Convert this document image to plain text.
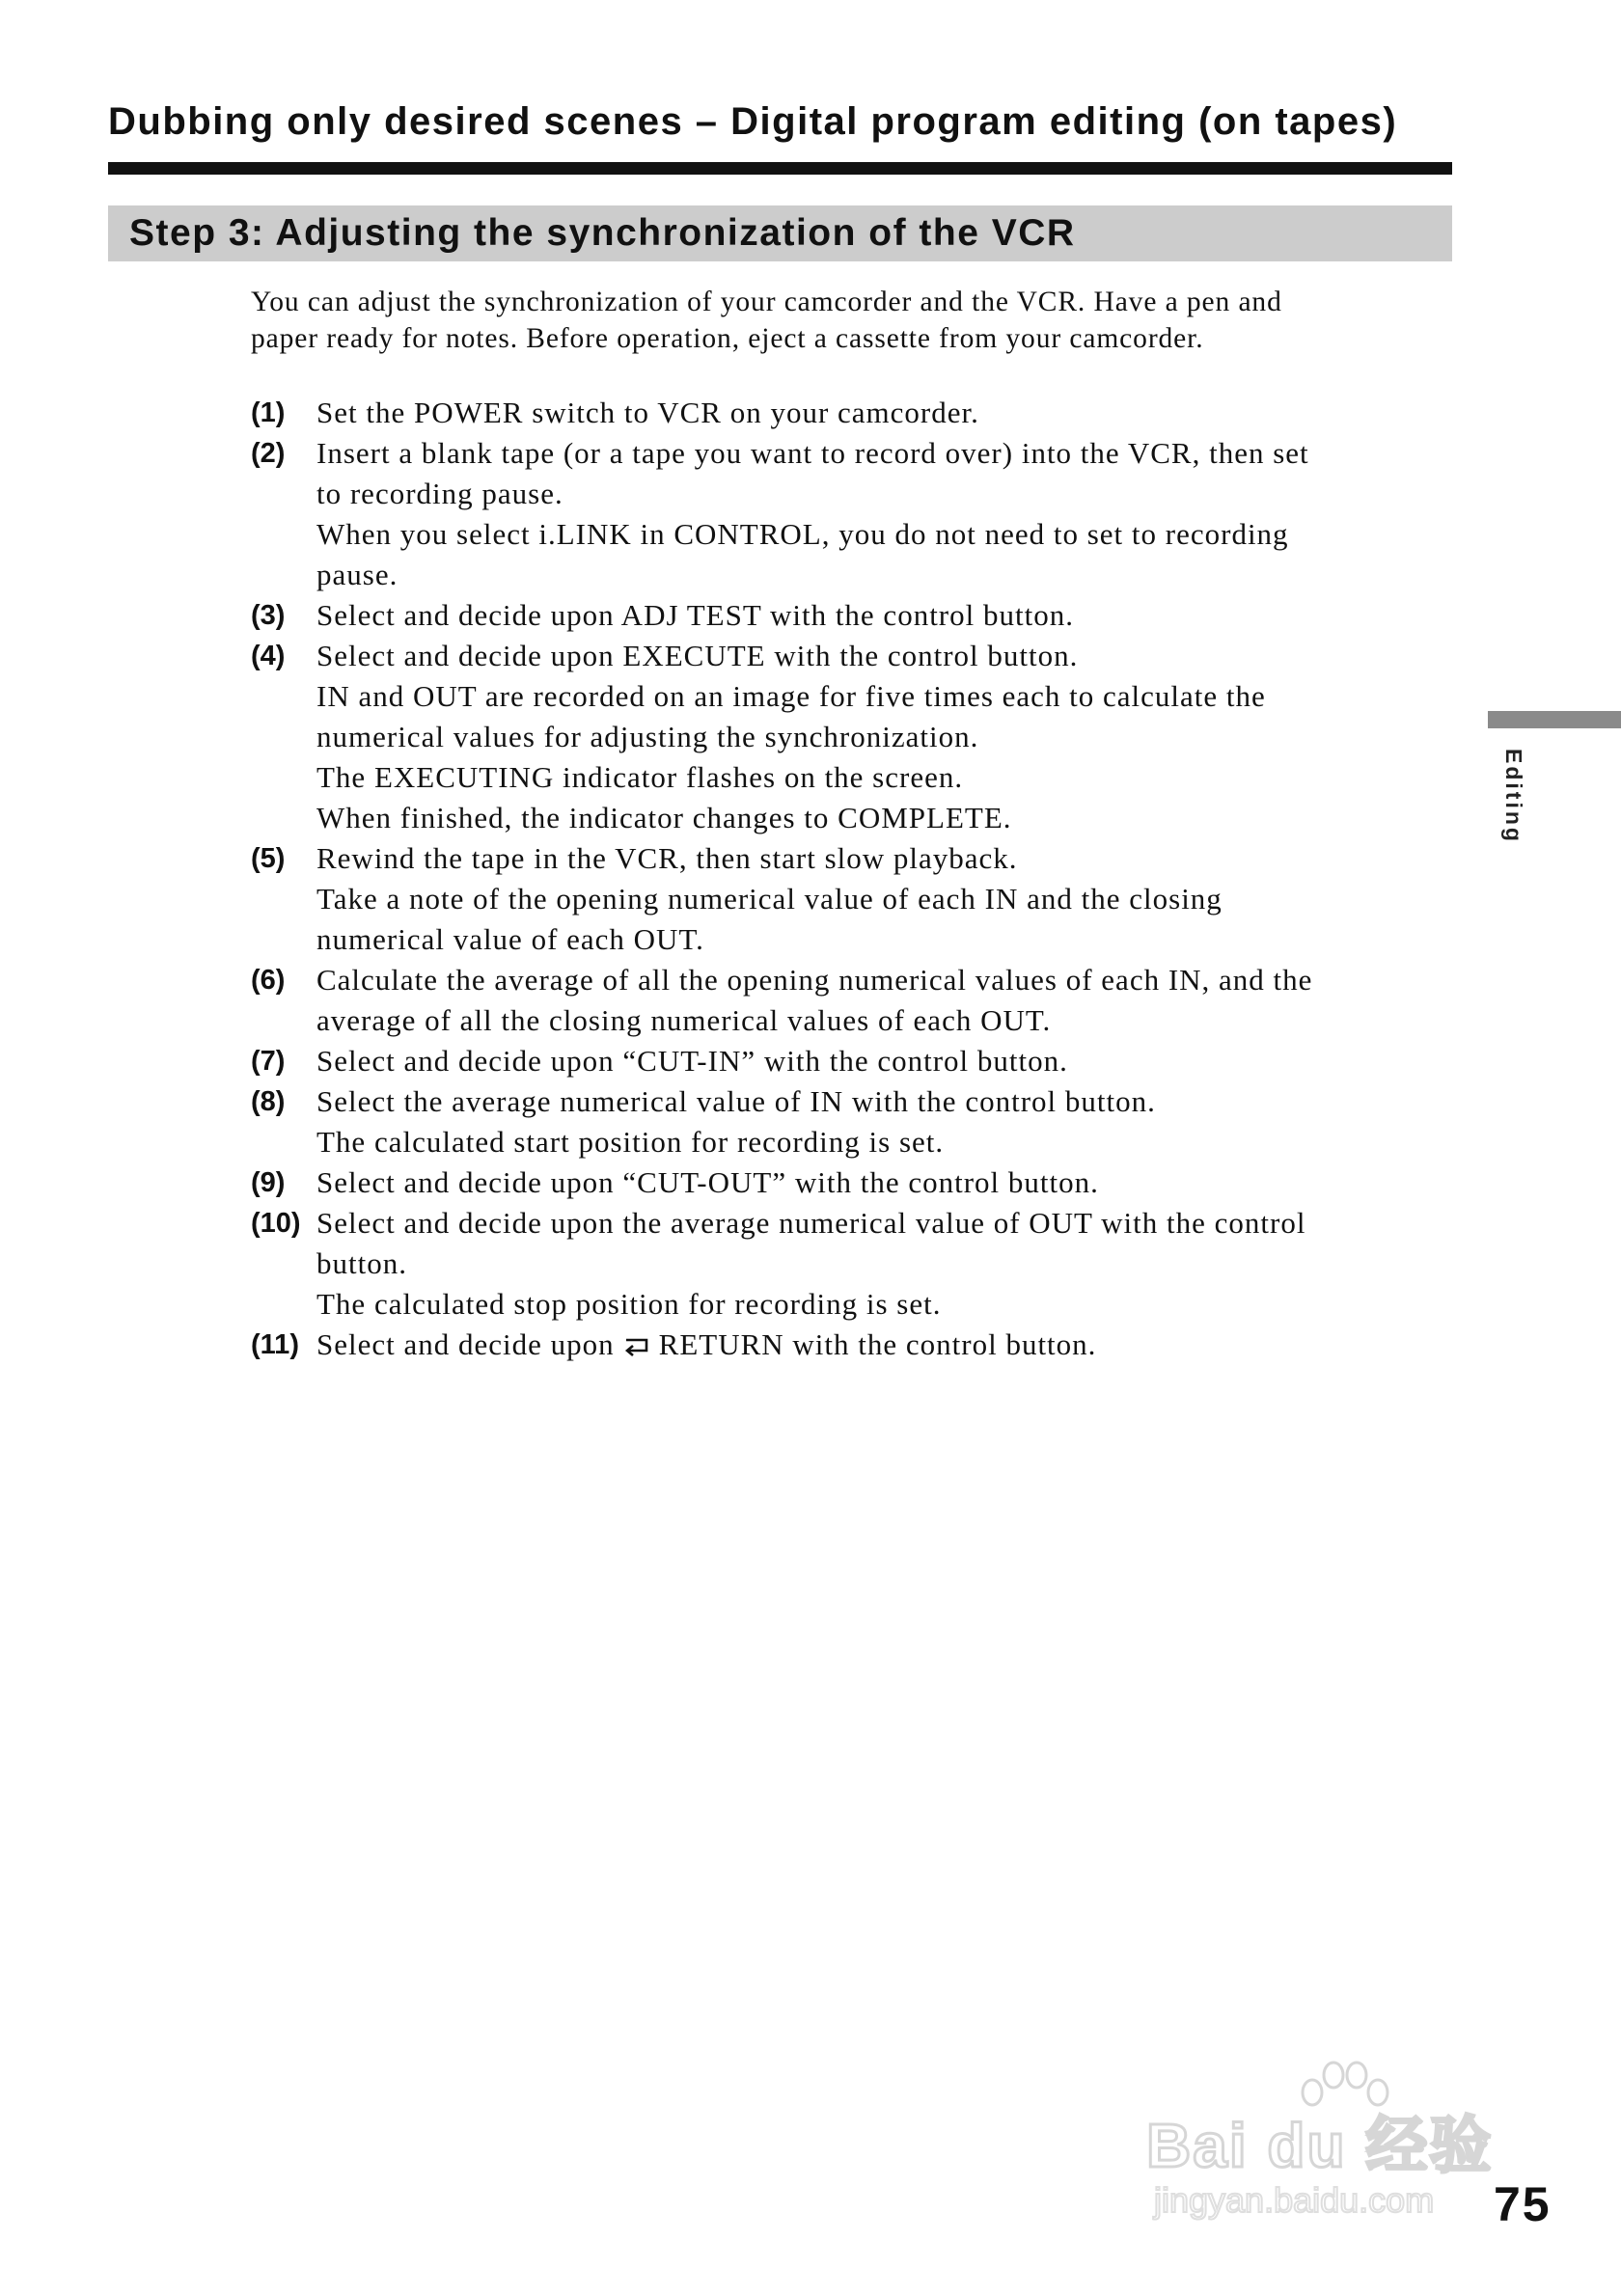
Dubbing only desired scenes – Digital program editing (on tapes)
Step 3: Adjusting the synchronization of the VCR

You can adjust the synchronization of your camcorder and the VCR. Have a pen and
paper ready for notes. Before operation, eject a cassette from your camcorder.

(1) Set the POWER switch to VCR on your camcorder.
(2) Insert a blank tape (or a tape you want to record over) into the VCR, then set
to recording pause.
When you select i.LINK in CONTROL, you do not need to set to recording
pause.
(3) Select and decide upon ADJ TEST with the control button.
(4) Select and decide upon EXECUTE with the control button.
IN and OUT are recorded on an image for five times each to calculate the
numerical values for adjusting the synchronization.
The EXECUTING indicator flashes on the screen.
When finished, the indicator changes to COMPLETE.
(5) Rewind the tape in the VCR, then start slow playback.
Take a note of the opening numerical value of each IN and the closing
numerical value of each OUT.
(6) Calculate the average of all the opening numerical values of each IN, and the
average of all the closing numerical values of each OUT.
(7) Select and decide upon “CUT-IN” with the control button.
(8) Select the average numerical value of IN with the control button.
The calculated start position for recording is set.
(9) Select and decide upon “CUT-OUT” with the control button.
(10) Select and decide upon the average numerical value of OUT with the control
button.
The calculated stop position for recording is set.
(11) Select and decide upon RETURN with the control button.
Editing
Bai du 经验
jingyan.baidu.com 75
